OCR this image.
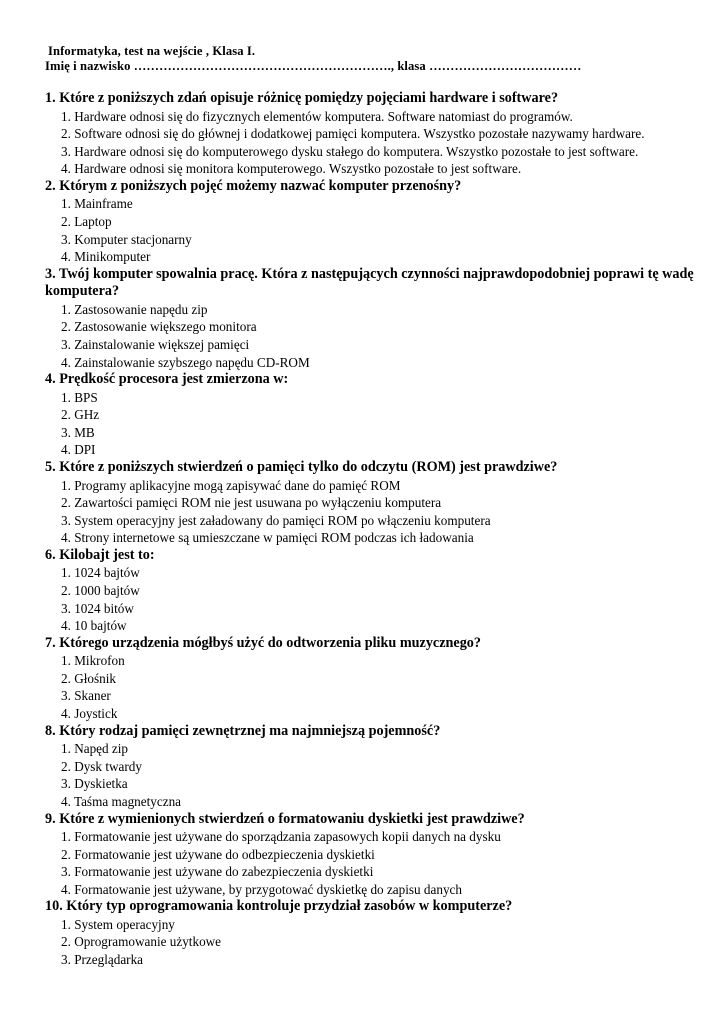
Informatyka, test na wejście , Klasa I.
Imię i nazwisko ……………………………………………………., klasa ………………………………

1. Które z poniższych zdań opisuje różnicę pomiędzy pojęciami hardware i software?

1. Hardware odnosi się do fizycznych elementów komputera. Software natomiast do programów.
2. Software odnosi się do głównej i dodatkowej pamięci komputera. Wszystko pozostałe nazywamy hardware.
3. Hardware odnosi się do komputerowego dysku stałego do komputera. Wszystko pozostałe to jest software.
4. Hardware odnosi się monitora komputerowego. Wszystko pozostałe to jest software.

2. Którym z poniższych pojęć możemy nazwać komputer przenośny?

1. Mainframe
2. Laptop
3. Komputer stacjonarny
4. Minikomputer

3. Twój komputer spowalnia pracę. Która z następujących czynności najprawdopodobniej poprawi tę wadę komputera?

1. Zastosowanie napędu zip
2. Zastosowanie większego monitora
3. Zainstalowanie większej pamięci
4. Zainstalowanie szybszego napędu CD-ROM

4. Prędkość procesora jest zmierzona w:

1. BPS
2. GHz
3. MB
4. DPI

5. Które z poniższych stwierdzeń o pamięci tylko do odczytu (ROM) jest prawdziwe?

1. Programy aplikacyjne mogą zapisywać dane do pamięć ROM
2. Zawartości pamięci ROM nie jest usuwana po wyłączeniu komputera
3. System operacyjny jest załadowany do pamięci ROM po włączeniu komputera
4. Strony internetowe są umieszczane w pamięci ROM podczas ich ładowania

6. Kilobajt jest to:

1. 1024 bajtów
2. 1000 bajtów
3. 1024 bitów
4. 10 bajtów

7. Którego urządzenia mógłbyś użyć do odtworzenia pliku muzycznego?

1. Mikrofon
2. Głośnik
3. Skaner
4. Joystick

8. Który rodzaj pamięci zewnętrznej ma najmniejszą pojemność?

1. Napęd zip
2. Dysk twardy
3. Dyskietka
4. Taśma magnetyczna

9. Które z wymienionych stwierdzeń o formatowaniu dyskietki jest prawdziwe?

1. Formatowanie jest używane do sporządzania zapasowych kopii danych na dysku
2. Formatowanie jest używane do odbezpieczenia dyskietki
3. Formatowanie jest używane do zabezpieczenia dyskietki
4. Formatowanie jest używane, by przygotować dyskietkę do zapisu danych

10. Który typ oprogramowania kontroluje przydział zasobów w komputerze?

1. System operacyjny
2. Oprogramowanie użytkowe
3. Przeglądarka
